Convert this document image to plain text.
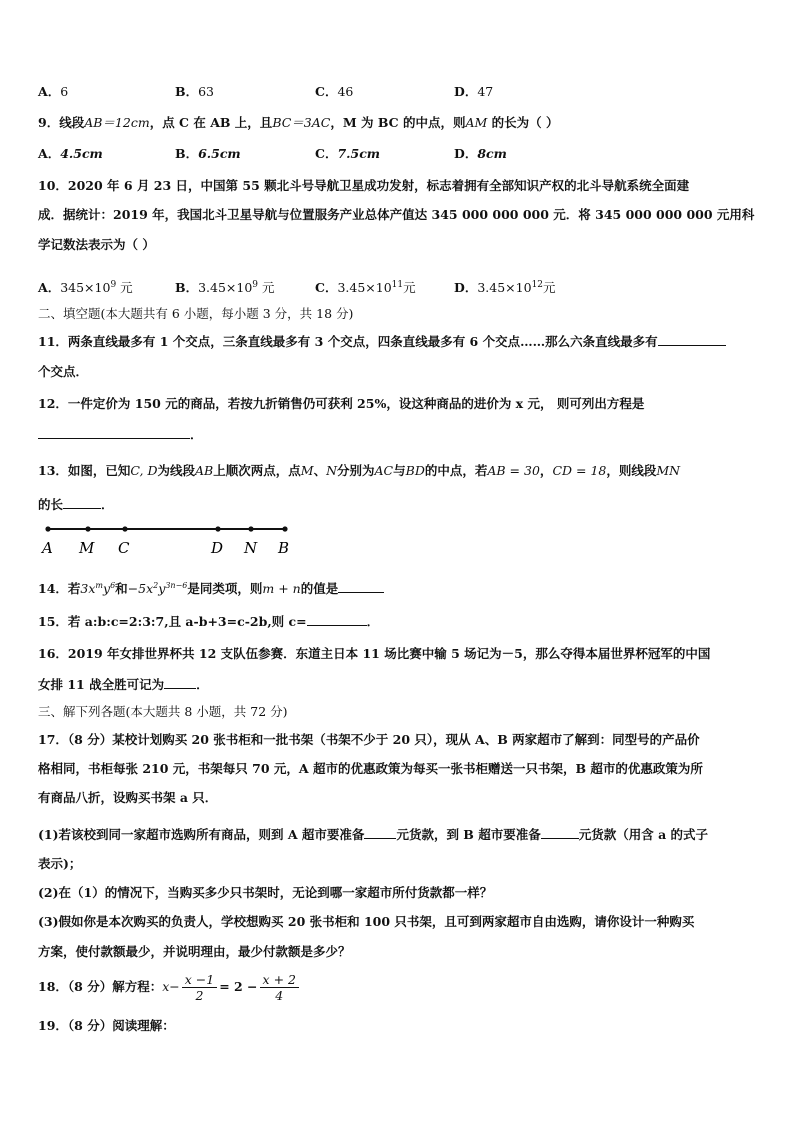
A．6	B．63	C．46	D．47
9．线段AB＝12cm，点 C 在 AB 上，且BC＝3AC，M 为 BC 的中点，则AM 的长为（ ）
A．4.5cm	B．6.5cm	C．7.5cm	D．8cm
10．2020 年 6 月 23 日，中国第 55 颗北斗号导航卫星成功发射，标志着拥有全部知识产权的北斗导航系统全面建
成．据统计：2019 年，我国北斗卫星导航与位置服务产业总体产值达 345 000 000 000 元．将 345 000 000 000 元用科
学记数法表示为（ ）
A．$345\times 10^9$ 元	B．$3.45\times 10^9$ 元	C．$3.45\times 10^{11}$元	D．$3.45\times 10^{12}$元
二、填空题(本大题共有 6 小题，每小题 3 分，共 18 分)
11．两条直线最多有 1 个交点，三条直线最多有 3 个交点，四条直线最多有 6 个交点……那么六条直线最多有
个交点．
12．一件定价为 150 元的商品，若按九折销售仍可获利 25%，设这种商品的进价为 x 元， 则可列出方程是
．
13．如图，已知C, D为线段AB上顺次两点，点M、N分别为AC与BD的中点，若AB = 30，CD = 18，则线段MN
的长	．
A M C	D N B
14．若$3x^my^6$和$-5x^2y^{3n-6}$是同类项，则m + n的值是
15．若 a:b:c=2:3:7,且 a-b+3=c-2b,则 c=	．
16．2019 年女排世界杯共 12 支队伍参赛．东道主日本 11 场比赛中输 5 场记为－5，那么夺得本届世界杯冠军的中国
女排 11 战全胜可记为	．
三、解下列各题(本大题共 8 小题，共 72 分)
17．（8 分）某校计划购买 20 张书柜和一批书架（书架不少于 20 只），现从 A、B 两家超市了解到：同型号的产品价
格相同，书柜每张 210 元，书架每只 70 元，A 超市的优惠政策为每买一张书柜赠送一只书架，B 超市的优惠政策为所
有商品八折，设购买书架 a 只．
(1)若该校到同一家超市选购所有商品，则到 A 超市要准备	元货款，到 B 超市要准备	元货款（用含 a 的式子
表示)；
(2)在（1）的情况下，当购买多少只书架时，无论到哪一家超市所付货款都一样？
(3)假如你是本次购买的负责人，学校想购买 20 张书柜和 100 只书架，且可到两家超市自由选购，请你设计一种购买
方案，使付款额最少，并说明理由，最少付款额是多少？
18．（8 分）解方程：$x- \frac{x -1}{2} = 2 - \frac{x + 2}{4}$
19．（8 分）阅读理解：
